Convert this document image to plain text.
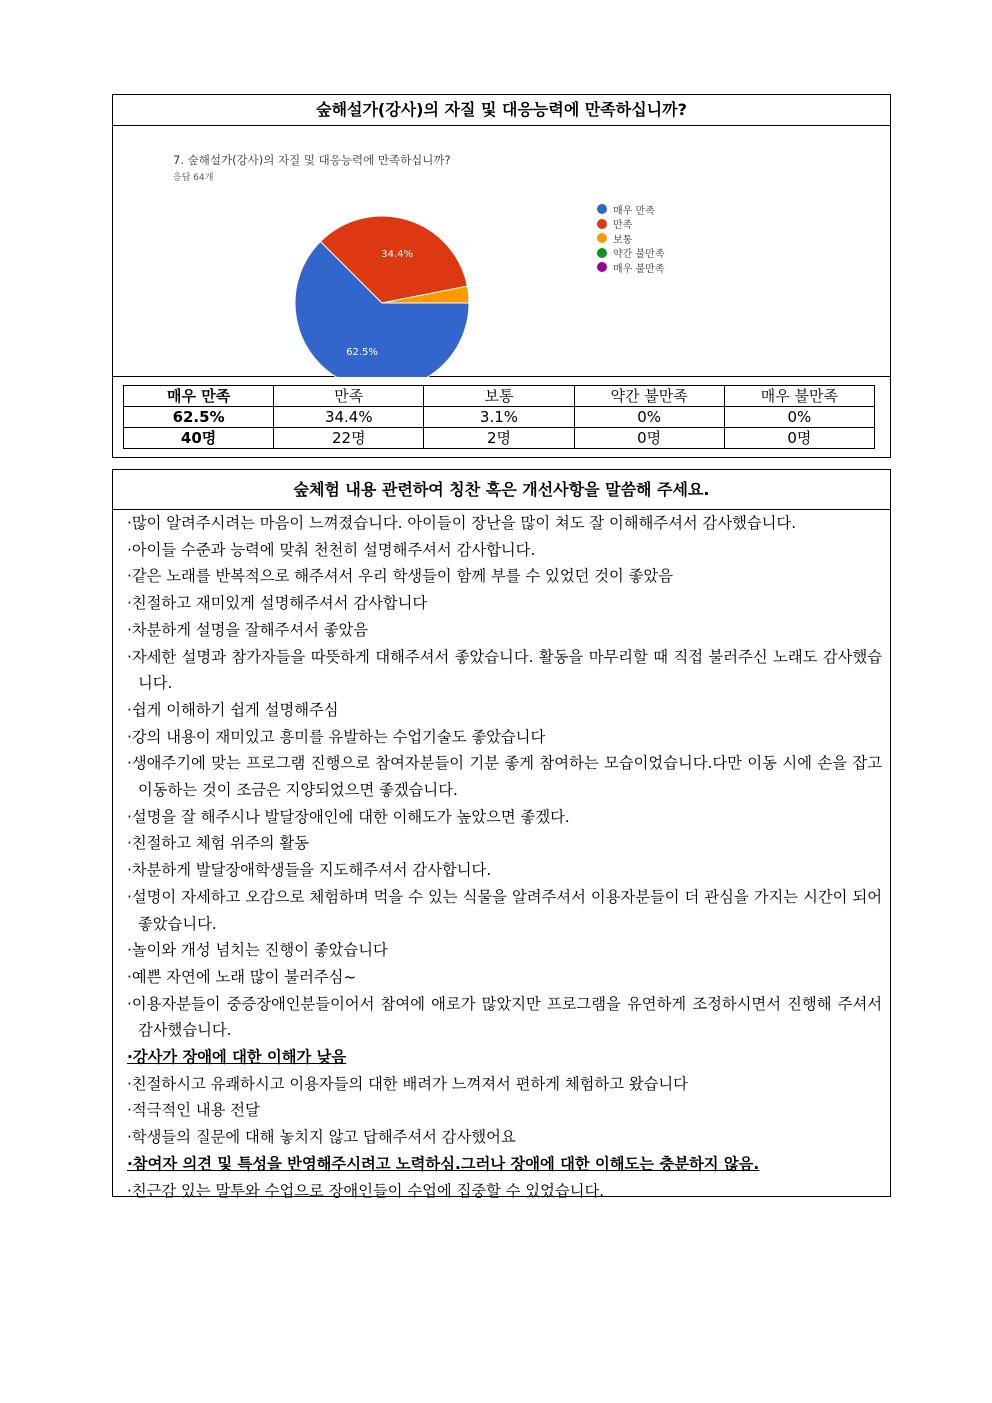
숲해설가(강사)의 자질 및 대응능력에 만족하십니까?
7. 숲해설가(강사)의 자질 및 대응능력에 만족하십니까?
응답 64개
62.5%
34.4%
매우 만족
만족
보통
약간 불만족
매우 불만족
매우 만족	만족	보통	약간 불만족	매우 불만족
62.5%	34.4%	3.1%	0%	0%
40명	22명	2명	0명	0명
숲체험 내용 관련하여 칭찬 혹은 개선사항을 말씀해 주세요.
·많이 알려주시려는 마음이 느껴졌습니다. 아이들이 장난을 많이 쳐도 잘 이해해주셔서 감사했습니다.
·아이들 수준과 능력에 맞춰 천천히 설명해주셔서 감사합니다.
·같은 노래를 반복적으로 해주셔서 우리 학생들이 함께 부를 수 있었던 것이 좋았음
·친절하고 재미있게 설명해주셔서 감사합니다
·차분하게 설명을 잘해주셔서 좋았음
·자세한 설명과 참가자들을 따뜻하게 대해주셔서 좋았습니다. 활동을 마무리할 때 직접 불러주신 노래도 감사했습니다.
·쉽게 이해하기 쉽게 설명해주심
·강의 내용이 재미있고 흥미를 유발하는 수업기술도 좋았습니다
·생애주기에 맞는 프로그램 진행으로 참여자분들이 기분 좋게 참여하는 모습이었습니다.다만 이동 시에 손을 잡고 이동하는 것이 조금은 지양되었으면 좋겠습니다.
·설명을 잘 해주시나 발달장애인에 대한 이해도가 높았으면 좋겠다.
·친절하고 체험 위주의 활동
·차분하게 발달장애학생들을 지도해주셔서 감사합니다.
·설명이 자세하고 오감으로 체험하며 먹을 수 있는 식물을 알려주셔서 이용자분들이 더 관심을 가지는 시간이 되어 좋았습니다.
·놀이와 개성 넘치는 진행이 좋았습니다
·예쁜 자연에 노래 많이 불러주심~
·이용자분들이 중증장애인분들이어서 참여에 애로가 많았지만 프로그램을 유연하게 조정하시면서 진행해 주셔서 감사했습니다.
·강사가 장애에 대한 이해가 낮음
·친절하시고 유쾌하시고 이용자들의 대한 배려가 느껴져서 편하게 체험하고 왔습니다
·적극적인 내용 전달
·학생들의 질문에 대해 놓치지 않고 답해주셔서 감사했어요
·참여자 의견 및 특성을 반영해주시려고 노력하심.그러나 장애에 대한 이해도는 충분하지 않음.
·친근감 있는 말투와 수업으로 장애인들이 수업에 집중할 수 있었습니다.
